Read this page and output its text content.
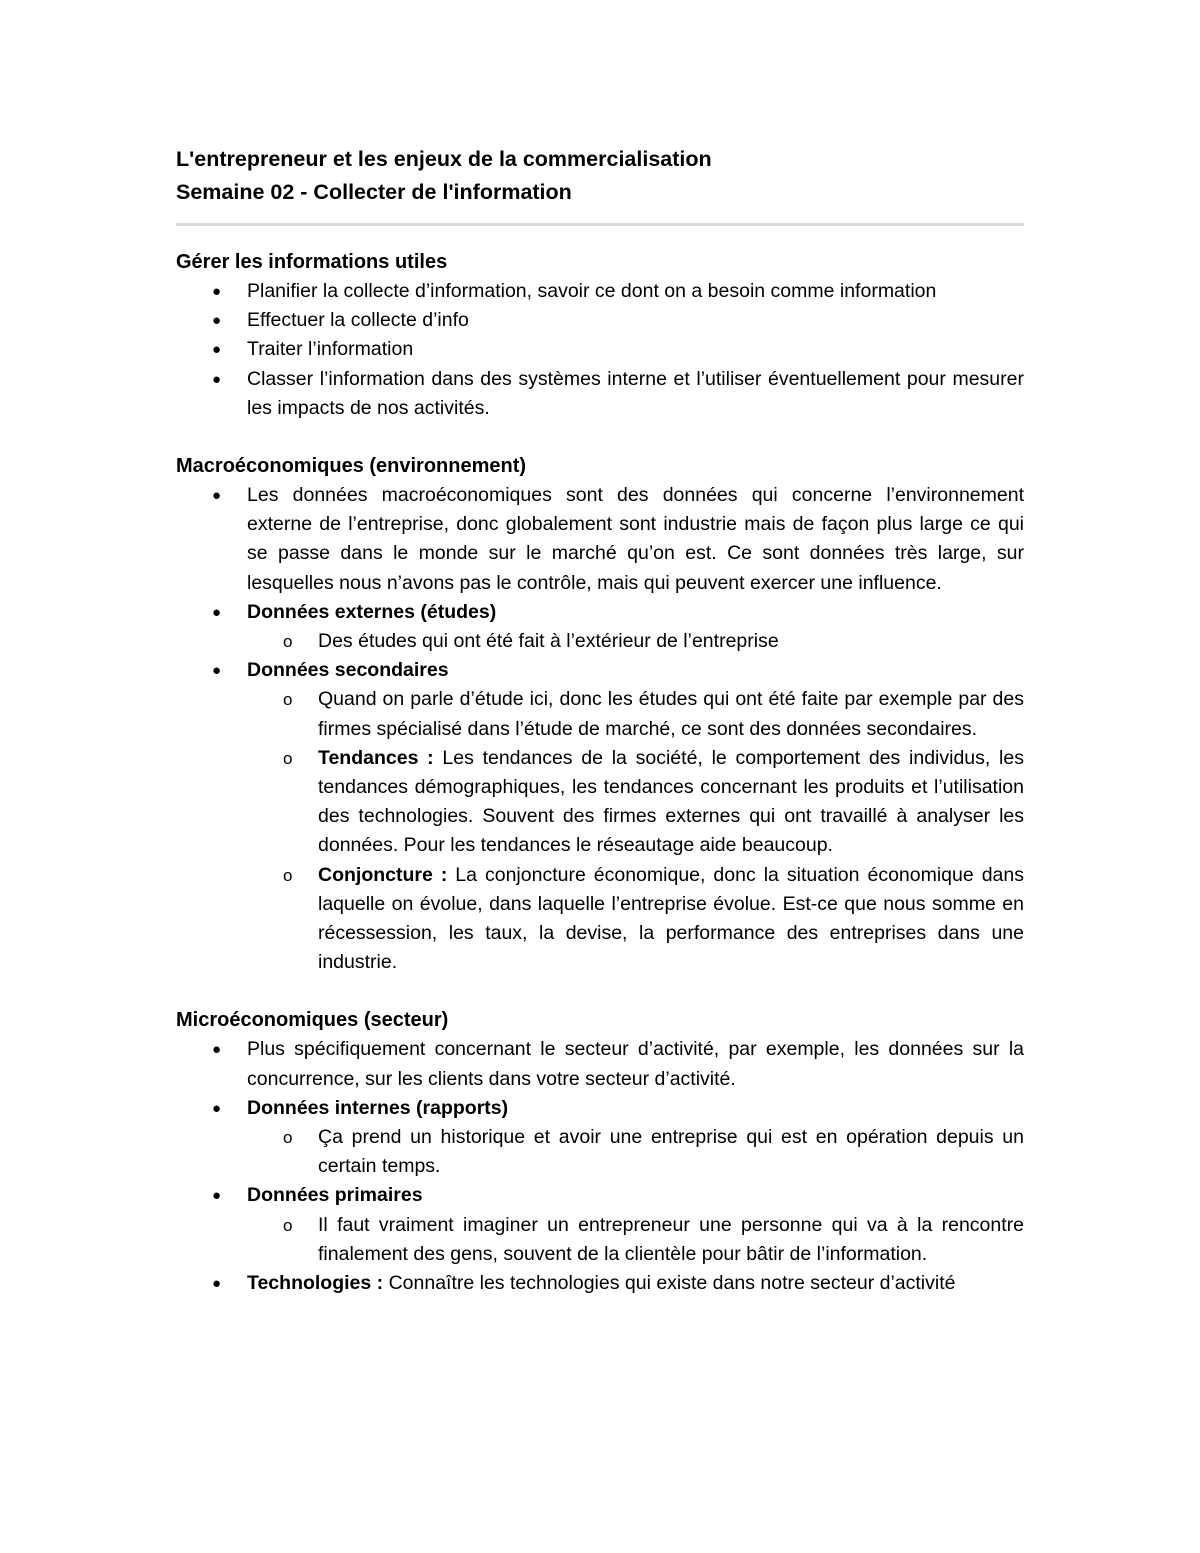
L'entrepreneur et les enjeux de la commercialisation

Semaine 02 - Collecter de l'information

Gérer les informations utiles

●	Planifier la collecte d’information, savoir ce dont on a besoin comme information
●	Effectuer la collecte d’info
●	Traiter l’information
●	Classer l’information dans des systèmes interne et l’utiliser éventuellement pour mesurer les impacts de nos activités.

Macroéconomiques (environnement)

●	Les données macroéconomiques sont des données qui concerne l’environnement externe de l’entreprise, donc globalement sont industrie mais de façon plus large ce qui se passe dans le monde sur le marché qu’on est. Ce sont données très large, sur lesquelles nous n’avons pas le contrôle, mais qui peuvent exercer une influence.
●	Données externes (études)
o	Des études qui ont été fait à l’extérieur de l’entreprise
●	Données secondaires
o	Quand on parle d’étude ici, donc les études qui ont été faite par exemple par des firmes spécialisé dans l’étude de marché, ce sont des données secondaires.
o	Tendances : Les tendances de la société, le comportement des individus, les tendances démographiques, les tendances concernant les produits et l’utilisation des technologies. Souvent des firmes externes qui ont travaillé à analyser les données. Pour les tendances le réseautage aide beaucoup.
o	Conjoncture : La conjoncture économique, donc la situation économique dans laquelle on évolue, dans laquelle l’entreprise évolue. Est-ce que nous somme en récessession, les taux, la devise, la performance des entreprises dans une industrie.

Microéconomiques (secteur)

●	Plus spécifiquement concernant le secteur d’activité, par exemple, les données sur la concurrence, sur les clients dans votre secteur d’activité.
●	Données internes (rapports)
o	Ça prend un historique et avoir une entreprise qui est en opération depuis un certain temps.
●	Données primaires
o	Il faut vraiment imaginer un entrepreneur une personne qui va à la rencontre finalement des gens, souvent de la clientèle pour bâtir de l’information.
●	Technologies : Connaître les technologies qui existe dans notre secteur d’activité
